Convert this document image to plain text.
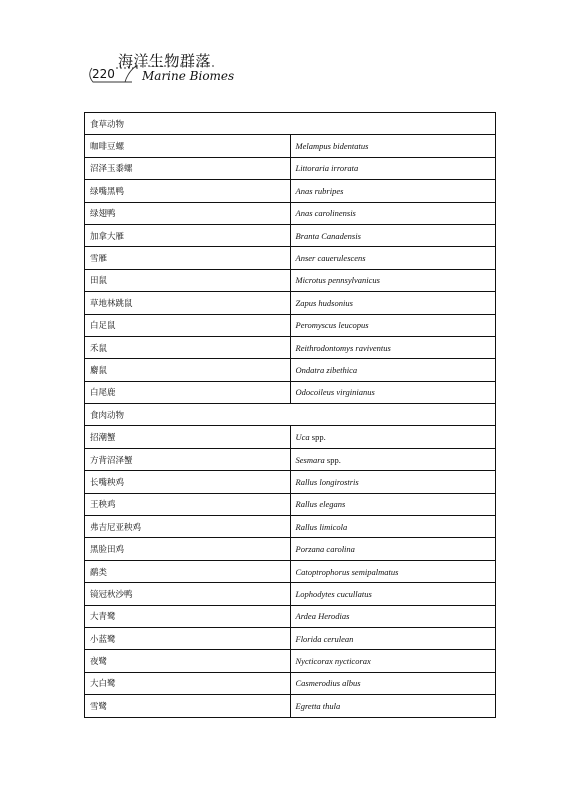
海洋生物群落
220 Marine Biomes
食草动物	
咖啡豆螺	Melampus bidentatus
沼泽玉黍螺	Littoraria irrorata
绿嘴黑鸭	Anas rubripes
绿翅鸭	Anas carolinensis
加拿大雁	Branta Canadensis
雪雁	Anser cauerulescens
田鼠	Microtus pennsylvanicus
草地林跳鼠	Zapus hudsonius
白足鼠	Peromyscus leucopus
禾鼠	Reithrodontomys raviventus
麝鼠	Ondatra zibethica
白尾鹿	Odocoileus virginianus
食肉动物	
招潮蟹	Uca spp.
方背沼泽蟹	Sesmara spp.
长嘴秧鸡	Rallus longirostris
王秧鸡	Rallus elegans
弗吉尼亚秧鸡	Rallus limicola
黑脸田鸡	Porzana carolina
鹬类	Catoptrophorus semipalmatus
镜冠秋沙鸭	Lophodytes cucullatus
大青鹭	Ardea Herodias
小蓝鹭	Florida cerulean
夜鹭	Nycticorax nycticorax
大白鹭	Casmerodius albus
雪鹭	Egretta thula
